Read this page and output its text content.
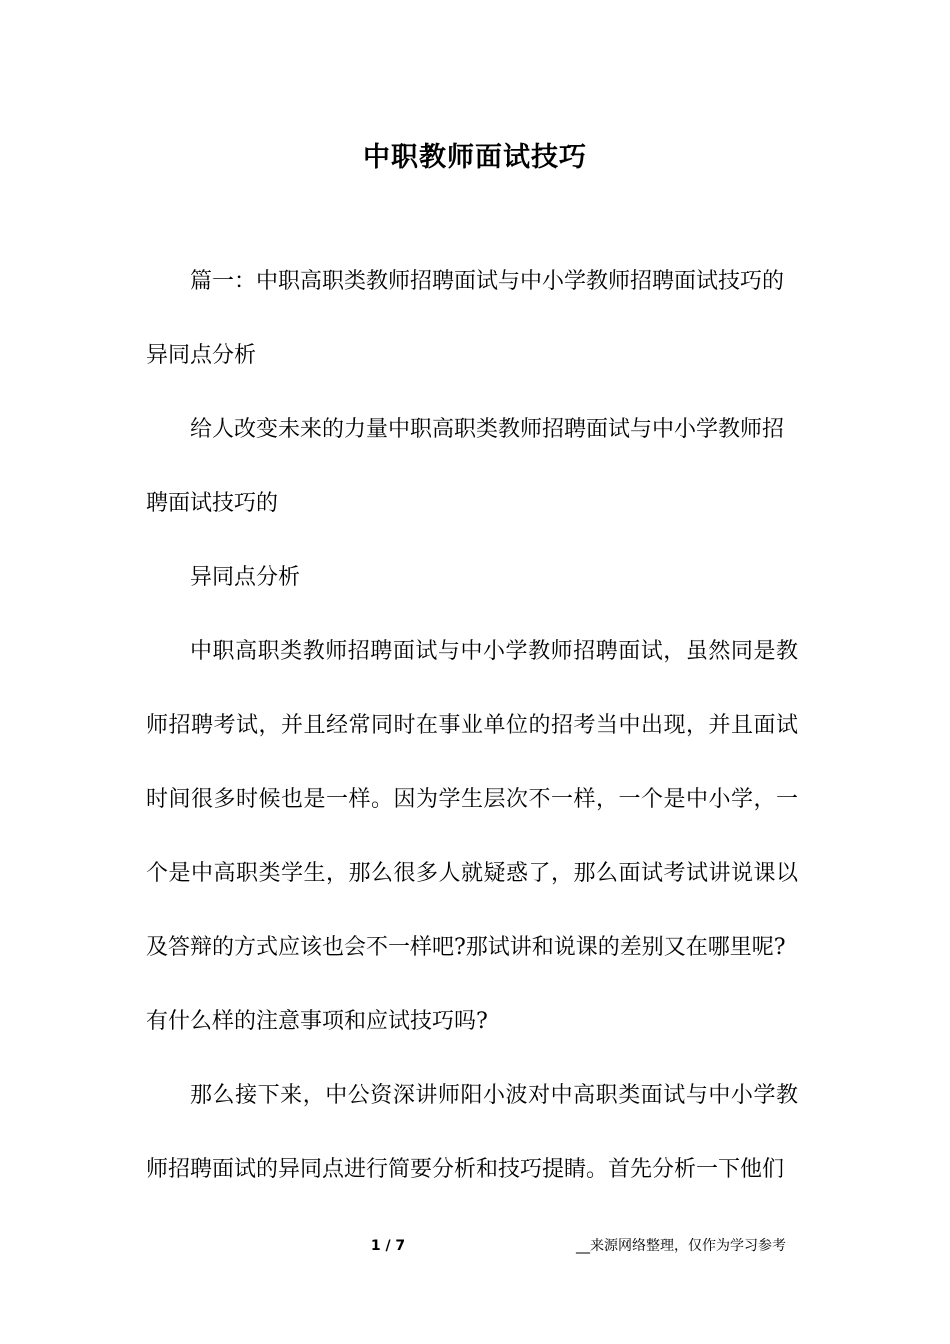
中职教师面试技巧

篇一：中职高职类教师招聘面试与中小学教师招聘面试技巧的

异同点分析

给人改变未来的力量中职高职类教师招聘面试与中小学教师招

聘面试技巧的

异同点分析

中职高职类教师招聘面试与中小学教师招聘面试，虽然同是教师招聘考试，并且经常同时在事业单位的招考当中出现，并且面试时间很多时候也是一样。因为学生层次不一样，一个是中小学，一个是中高职类学生，那么很多人就疑惑了，那么面试考试讲说课以及答辩的方式应该也会不一样吧?那试讲和说课的差别又在哪里呢?

有什么样的注意事项和应试技巧吗?

那么接下来，中公资深讲师阳小波对中高职类面试与中小学教师招聘面试的异同点进行简要分析和技巧提睛。首先分析一下他们

1 / 7	__来源网络整理，仅作为学习参考
